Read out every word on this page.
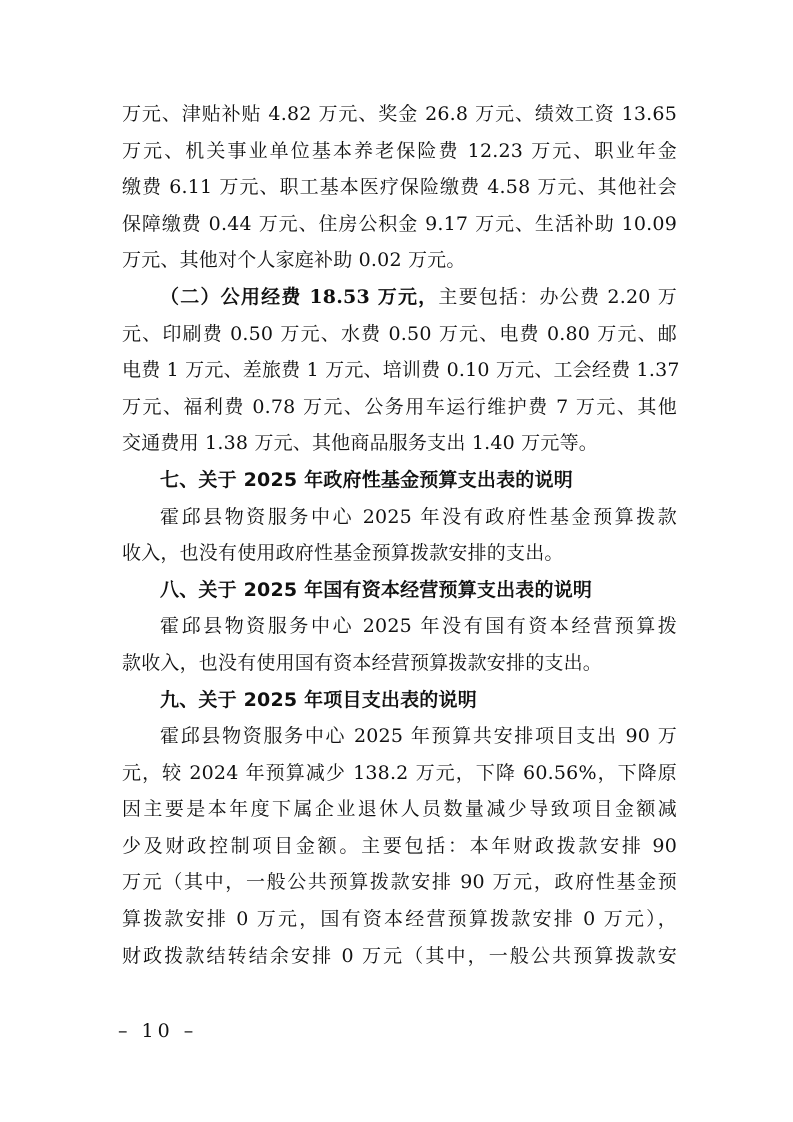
万元、津贴补贴 4.82 万元、奖金 26.8 万元、绩效工资 13.65
万元、机关事业单位基本养老保险费 12.23 万元、职业年金
缴费 6.11 万元、职工基本医疗保险缴费 4.58 万元、其他社会
保障缴费 0.44 万元、住房公积金 9.17 万元、生活补助 10.09
万元、其他对个人家庭补助 0.02 万元。
（二）公用经费 18.53 万元，主要包括：办公费 2.20 万
元、印刷费 0.50 万元、水费 0.50 万元、电费 0.80 万元、邮
电费 1 万元、差旅费 1 万元、培训费 0.10 万元、工会经费 1.37
万元、福利费 0.78 万元、公务用车运行维护费 7 万元、其他
交通费用 1.38 万元、其他商品服务支出 1.40 万元等。
七、关于 2025 年政府性基金预算支出表的说明
霍邱县物资服务中心 2025 年没有政府性基金预算拨款
收入，也没有使用政府性基金预算拨款安排的支出。
八、关于 2025 年国有资本经营预算支出表的说明
霍邱县物资服务中心 2025 年没有国有资本经营预算拨
款收入，也没有使用国有资本经营预算拨款安排的支出。
九、关于 2025 年项目支出表的说明
霍邱县物资服务中心 2025 年预算共安排项目支出 90 万
元，较 2024 年预算减少 138.2 万元，下降 60.56%，下降原
因主要是本年度下属企业退休人员数量减少导致项目金额减
少及财政控制项目金额。主要包括：本年财政拨款安排 90
万元（其中，一般公共预算拨款安排 90 万元，政府性基金预
算拨款安排 0 万元，国有资本经营预算拨款安排 0 万元），
财政拨款结转结余安排 0 万元（其中，一般公共预算拨款安
– 10 –
